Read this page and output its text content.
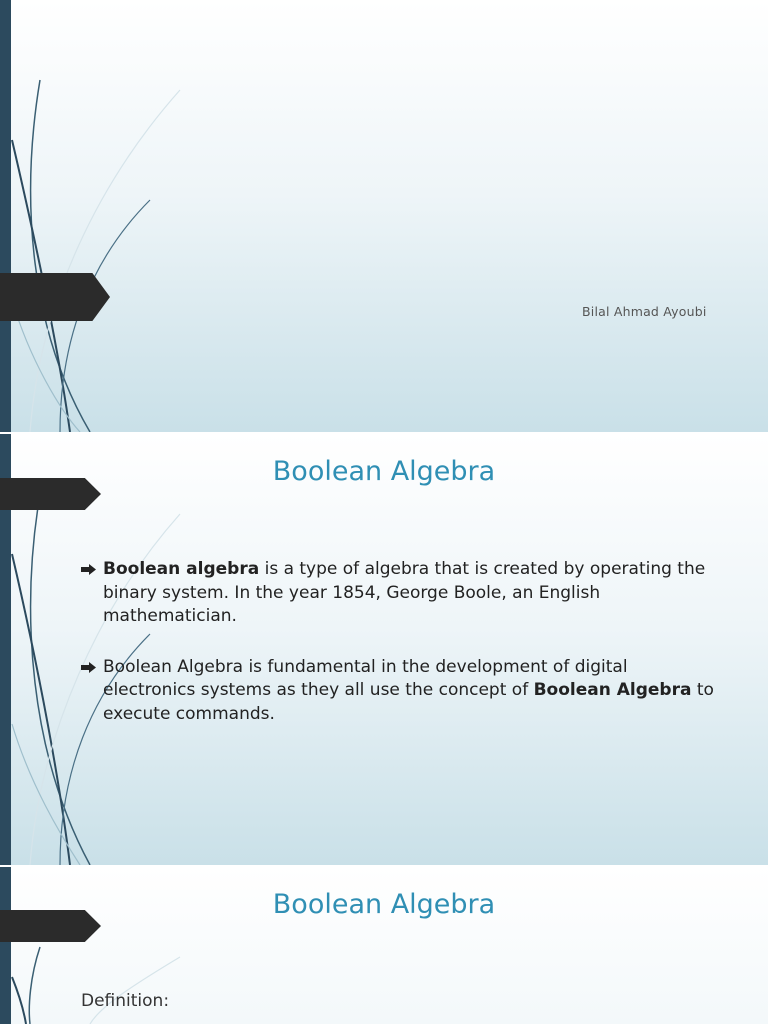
Bilal Ahmad Ayoubi
Boolean Algebra
Boolean algebra is a type of algebra that is created by operating the binary system. In the year 1854, George Boole, an English mathematician.
Boolean Algebra is fundamental in the development of digital electronics systems as they all use the concept of Boolean Algebra to execute commands.
Boolean Algebra
Definition:
